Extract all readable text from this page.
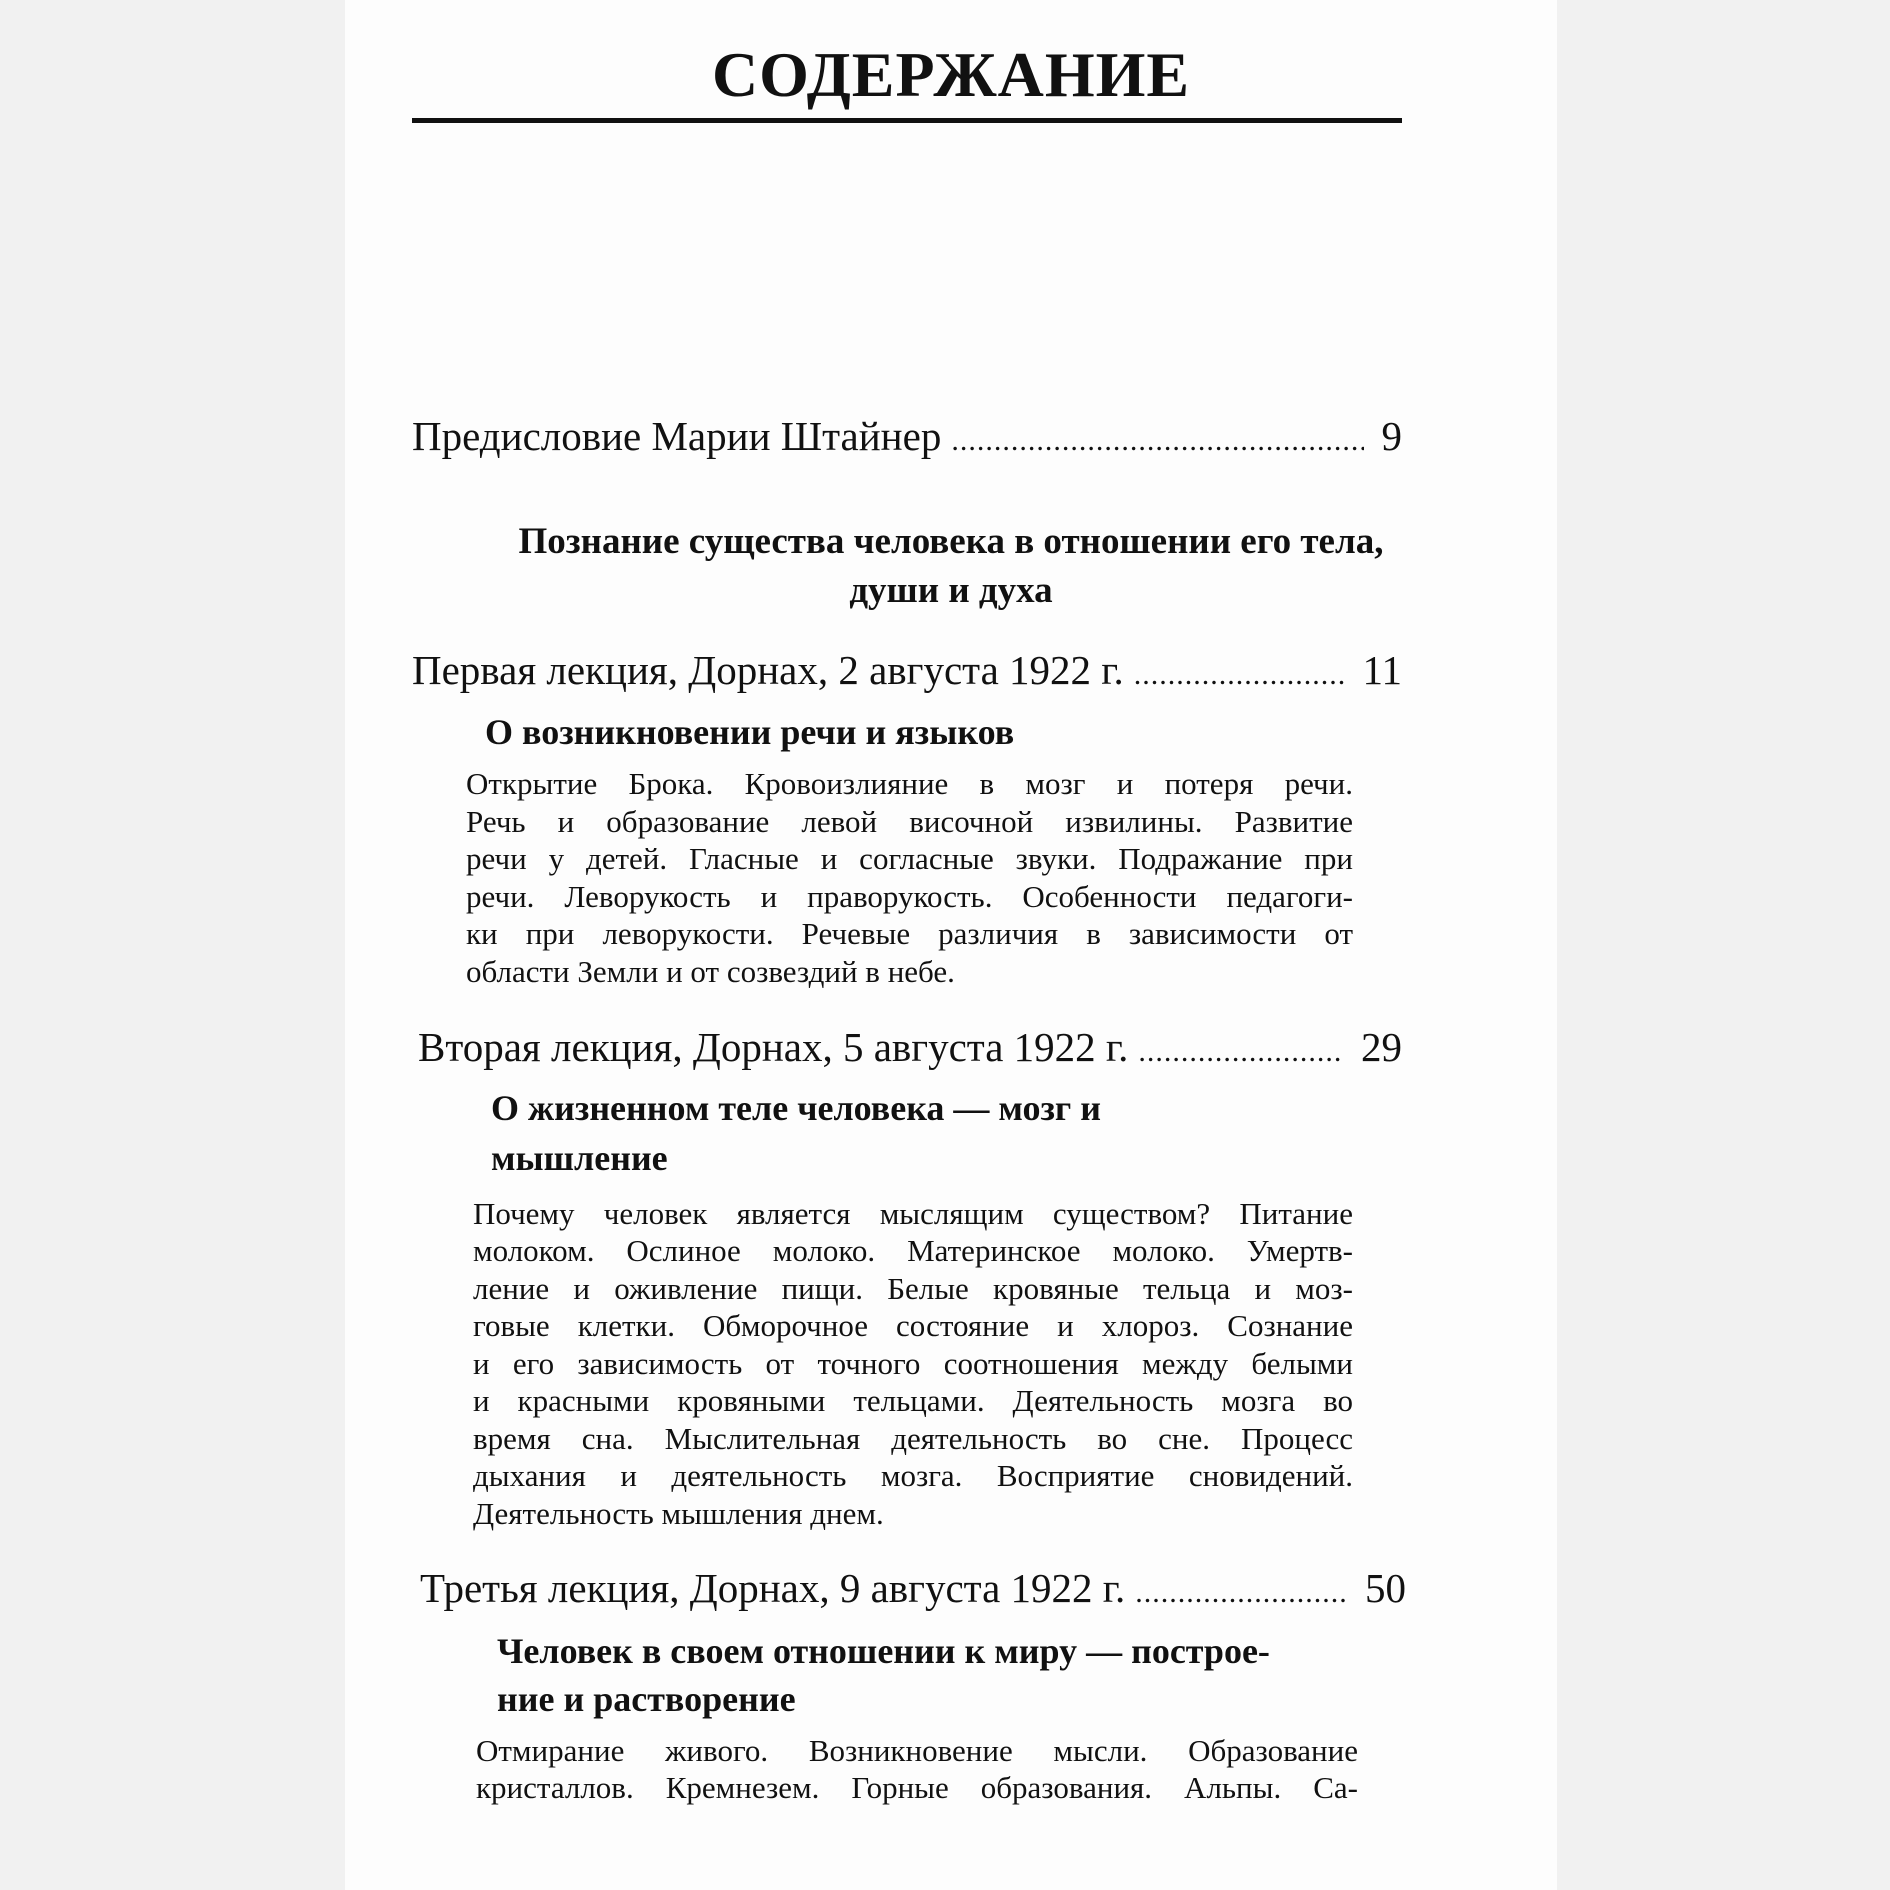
СОДЕРЖАНИЕ
Предисловие Марии Штайнер .....	9
Познание существа человека в отношении его тела,
души и духа
Первая лекция, Дорнах, 2 августа 1922 г. .....	11
О возникновении речи и языков
Открытие Брока. Кровоизлияние в мозг и потеря речи.
Речь и образование левой височной извилины. Развитие
речи у детей. Гласные и согласные звуки. Подражание при
речи. Леворукость и праворукость. Особенности педагоги-
ки при леворукости. Речевые различия в зависимости от
области Земли и от созвездий в небе.
Вторая лекция, Дорнах, 5 августа 1922 г. .....	29
О жизненном теле человека — мозг и
мышление
Почему человек является мыслящим существом? Питание
молоком. Ослиное молоко. Материнское молоко. Умертв-
ление и оживление пищи. Белые кровяные тельца и моз-
говые клетки. Обморочное состояние и хлороз. Сознание
и его зависимость от точного соотношения между белыми
и красными кровяными тельцами. Деятельность мозга во
время сна. Мыслительная деятельность во сне. Процесс
дыхания и деятельность мозга. Восприятие сновидений.
Деятельность мышления днем.
Третья лекция, Дорнах, 9 августа 1922 г. .....	50
Человек в своем отношении к миру — построе-
ние и растворение
Отмирание живого. Возникновение мысли. Образование
кристаллов. Кремнезем. Горные образования. Альпы. Са-
